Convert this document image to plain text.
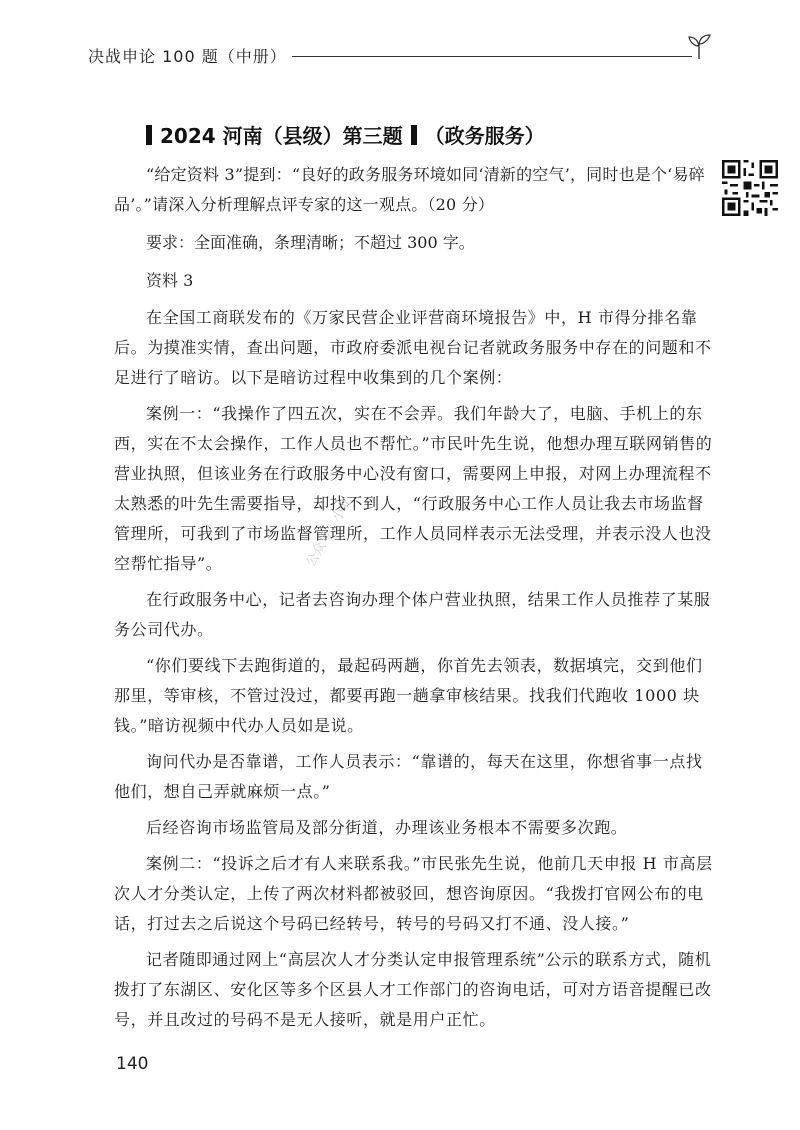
决战申论 100 题（中册）
2024 河南（县级）第三题 （政务服务）

“给定资料 3”提到：“良好的政务服务环境如同‘清新的空气’，同时也是个‘易碎品’。”请深入分析理解点评专家的这一观点。（20 分）

要求：全面准确，条理清晰；不超过 300 字。

资料 3

在全国工商联发布的《万家民营企业评营商环境报告》中，H 市得分排名靠后。为摸准实情，查出问题，市政府委派电视台记者就政务服务中存在的问题和不足进行了暗访。以下是暗访过程中收集到的几个案例：

案例一：“我操作了四五次，实在不会弄。我们年龄大了，电脑、手机上的东西，实在不太会操作，工作人员也不帮忙。”市民叶先生说，他想办理互联网销售的营业执照，但该业务在行政服务中心没有窗口，需要网上申报，对网上办理流程不太熟悉的叶先生需要指导，却找不到人，“行政服务中心工作人员让我去市场监督管理所，可我到了市场监督管理所，工作人员同样表示无法受理，并表示没人也没空帮忙指导”。

在行政服务中心，记者去咨询办理个体户营业执照，结果工作人员推荐了某服务公司代办。

“你们要线下去跑街道的，最起码两趟，你首先去领表，数据填完，交到他们那里，等审核，不管过没过，都要再跑一趟拿审核结果。找我们代跑收 1000 块钱。”暗访视频中代办人员如是说。

询问代办是否靠谱，工作人员表示：“靠谱的，每天在这里，你想省事一点找他们，想自己弄就麻烦一点。”

后经咨询市场监管局及部分街道，办理该业务根本不需要多次跑。

案例二：“投诉之后才有人来联系我。”市民张先生说，他前几天申报 H 市高层次人才分类认定，上传了两次材料都被驳回，想咨询原因。“我拨打官网公布的电话，打过去之后说这个号码已经转号，转号的号码又打不通、没人接。”

记者随即通过网上“高层次人才分类认定申报管理系统”公示的联系方式，随机拨打了东湖区、安化区等多个区县人才工作部门的咨询电话，可对方语音提醒已改号，并且改过的号码不是无人接听，就是用户正忙。

公众号：小北
140
